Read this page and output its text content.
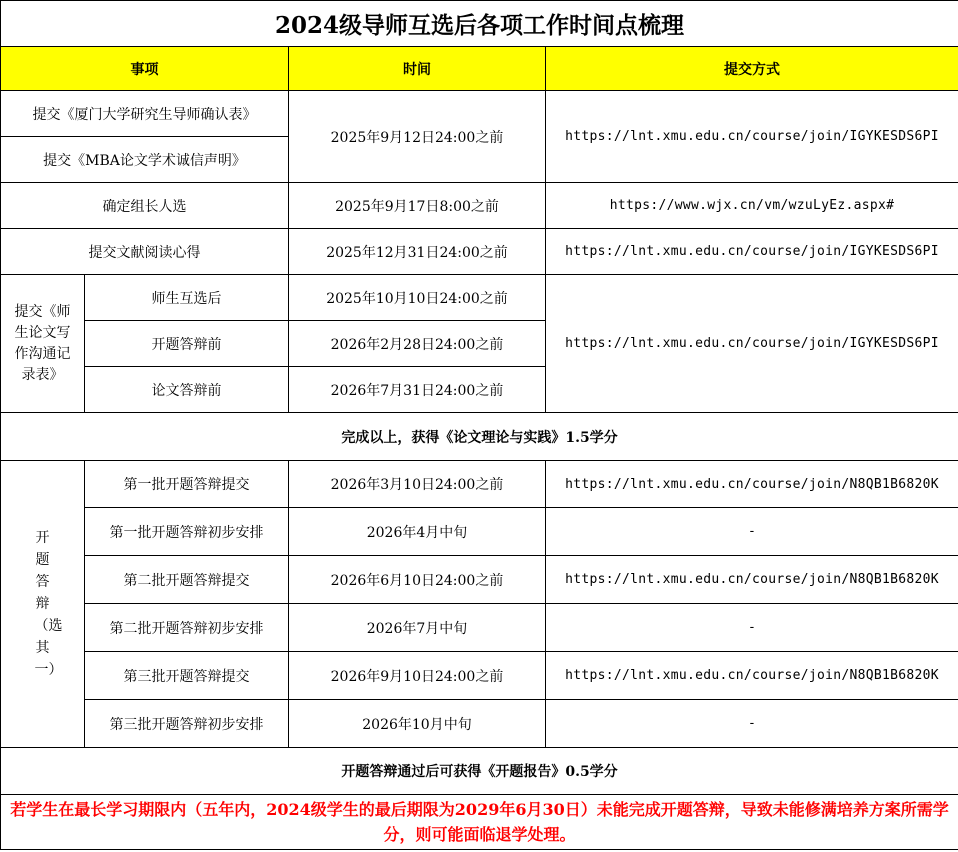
2024级导师互选后各项工作时间点梳理			
事项		时间	提交方式
提交《厦门大学研究生导师确认表》		2025年9月12日24:00之前	https://lnt.xmu.edu.cn/course/join/IGYKESDS6PI
提交《MBA论文学术诚信声明》			
确定组长人选		2025年9月17日8:00之前	https://www.wjx.cn/vm/wzuLyEz.aspx#
提交文献阅读心得		2025年12月31日24:00之前	https://lnt.xmu.edu.cn/course/join/IGYKESDS6PI
提交《师生论文写作沟通记录表》	师生互选后	2025年10月10日24:00之前	https://lnt.xmu.edu.cn/course/join/IGYKESDS6PI
	开题答辩前	2026年2月28日24:00之前	
	论文答辩前	2026年7月31日24:00之前	
完成以上，获得《论文理论与实践》1.5学分			

开题答辩（选其一）	第一批开题答辩提交	2026年3月10日24:00之前	https://lnt.xmu.edu.cn/course/join/N8QB1B6820K
	第一批开题答辩初步安排	2026年4月中旬	-
	第二批开题答辩提交	2026年6月10日24:00之前	https://lnt.xmu.edu.cn/course/join/N8QB1B6820K
	第二批开题答辩初步安排	2026年7月中旬	-
	第三批开题答辩提交	2026年9月10日24:00之前	https://lnt.xmu.edu.cn/course/join/N8QB1B6820K
	第三批开题答辩初步安排	2026年10月中旬	-
开题答辩通过后可获得《开题报告》0.5学分			
若学生在最长学习期限内（五年内，2024级学生的最后期限为2029年6月30日）未能完成开题答辩，导致未能修满培养方案所需学分，则可能面临退学处理。			
